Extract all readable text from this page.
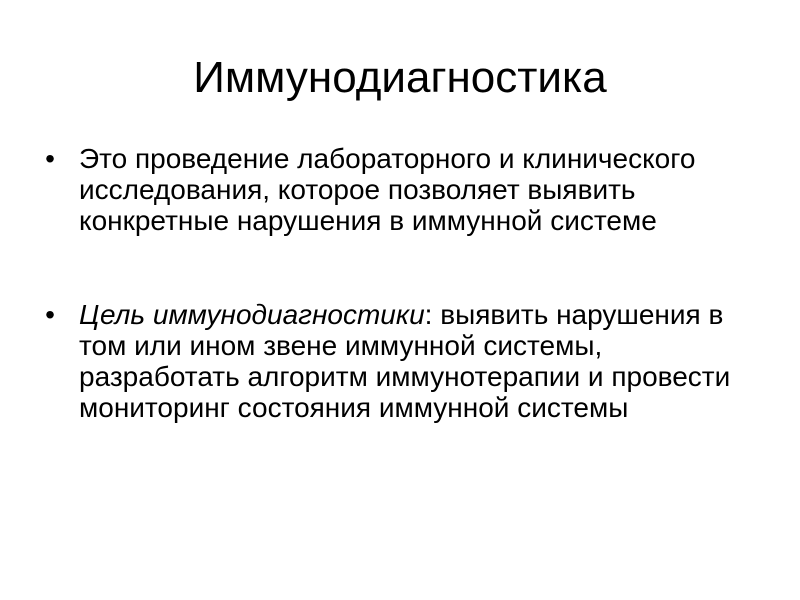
Иммунодиагностика
• Это проведение лабораторного и клинического исследования, которое позволяет выявить конкретные нарушения в иммунной системе
• Цель иммунодиагностики: выявить нарушения в том или ином звене иммунной системы, разработать алгоритм иммунотерапии и провести мониторинг состояния иммунной системы
